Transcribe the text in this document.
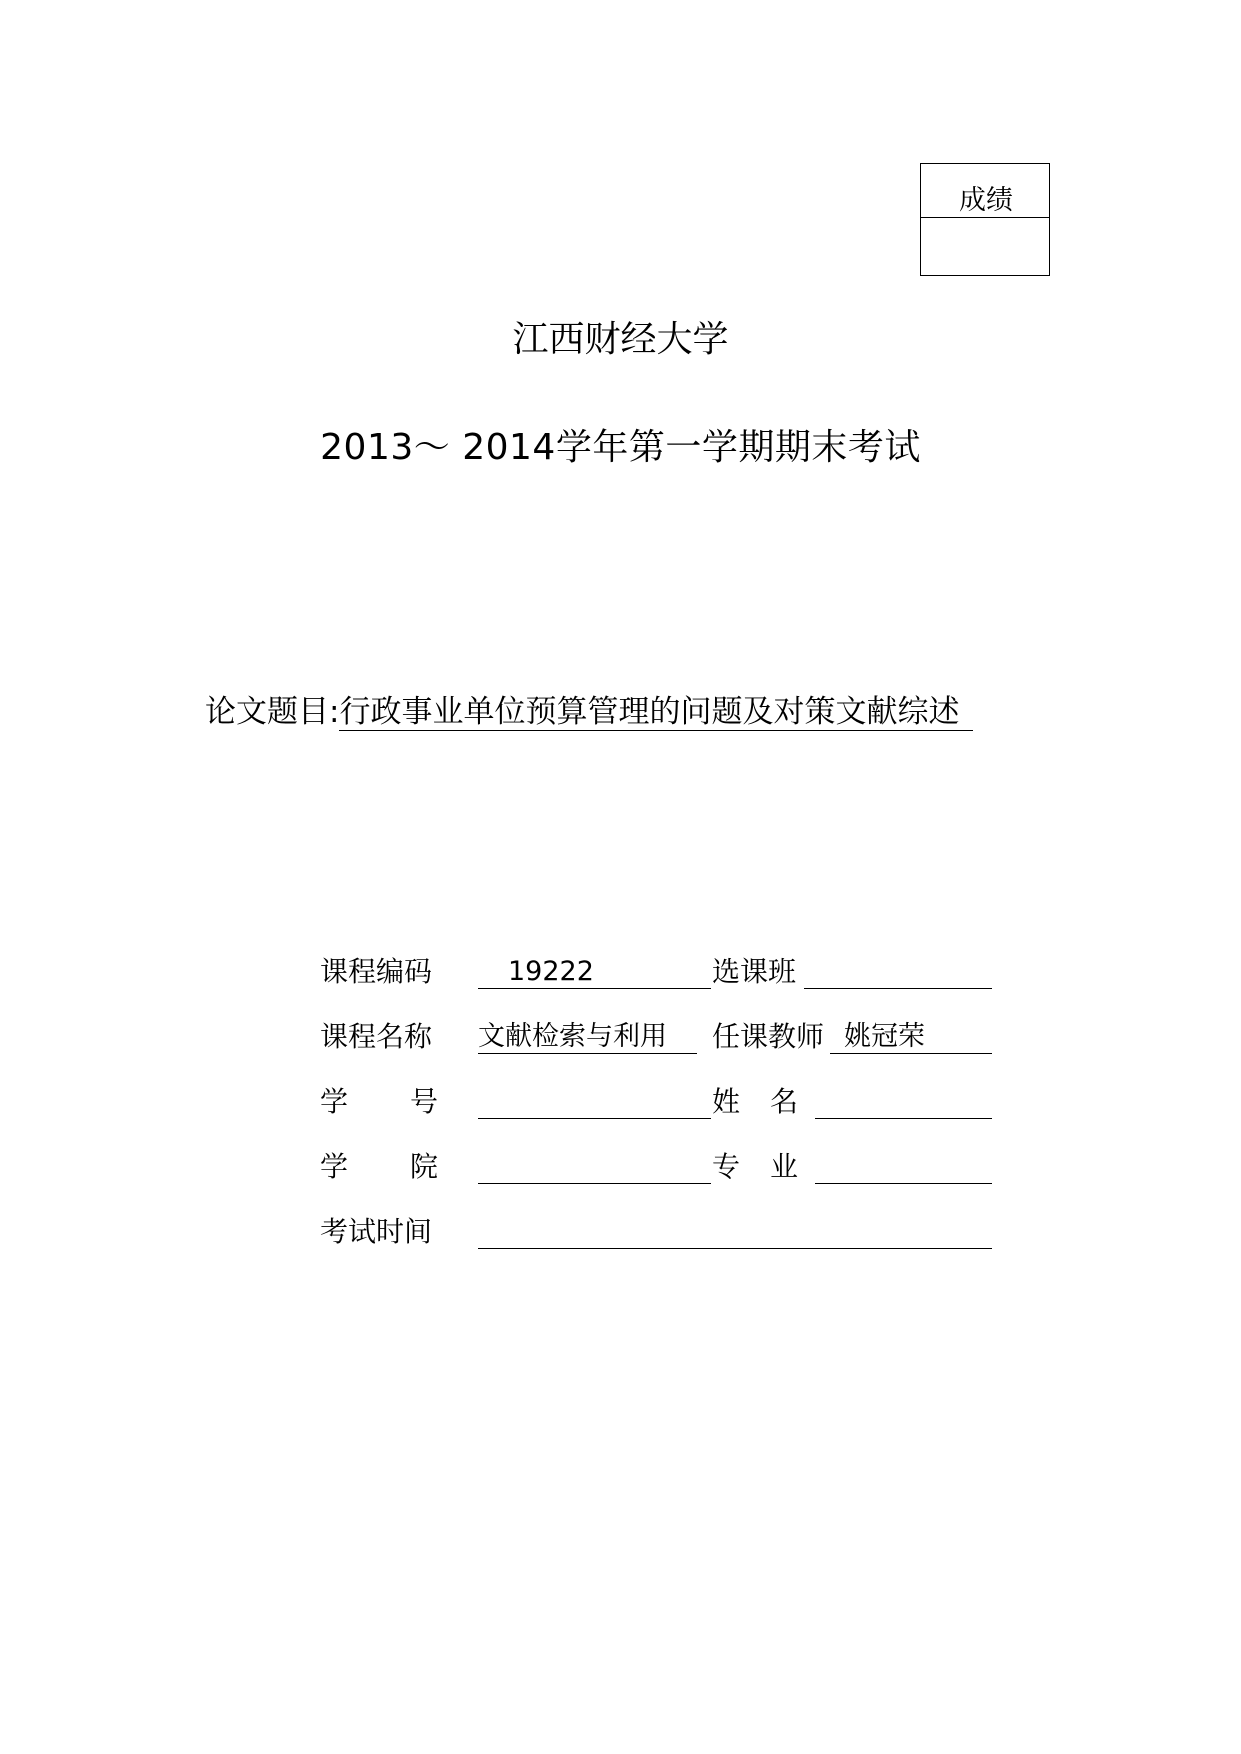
成绩
江西财经大学
2013～ 2014学年第一学期期末考试
论文题目:行政事业单位预算管理的问题及对策文献综述
课程编码	19222	选课班
课程名称 文献检索与利用 任课教师 姚冠荣
学 号	姓 名
学 院	专 业
考试时间
